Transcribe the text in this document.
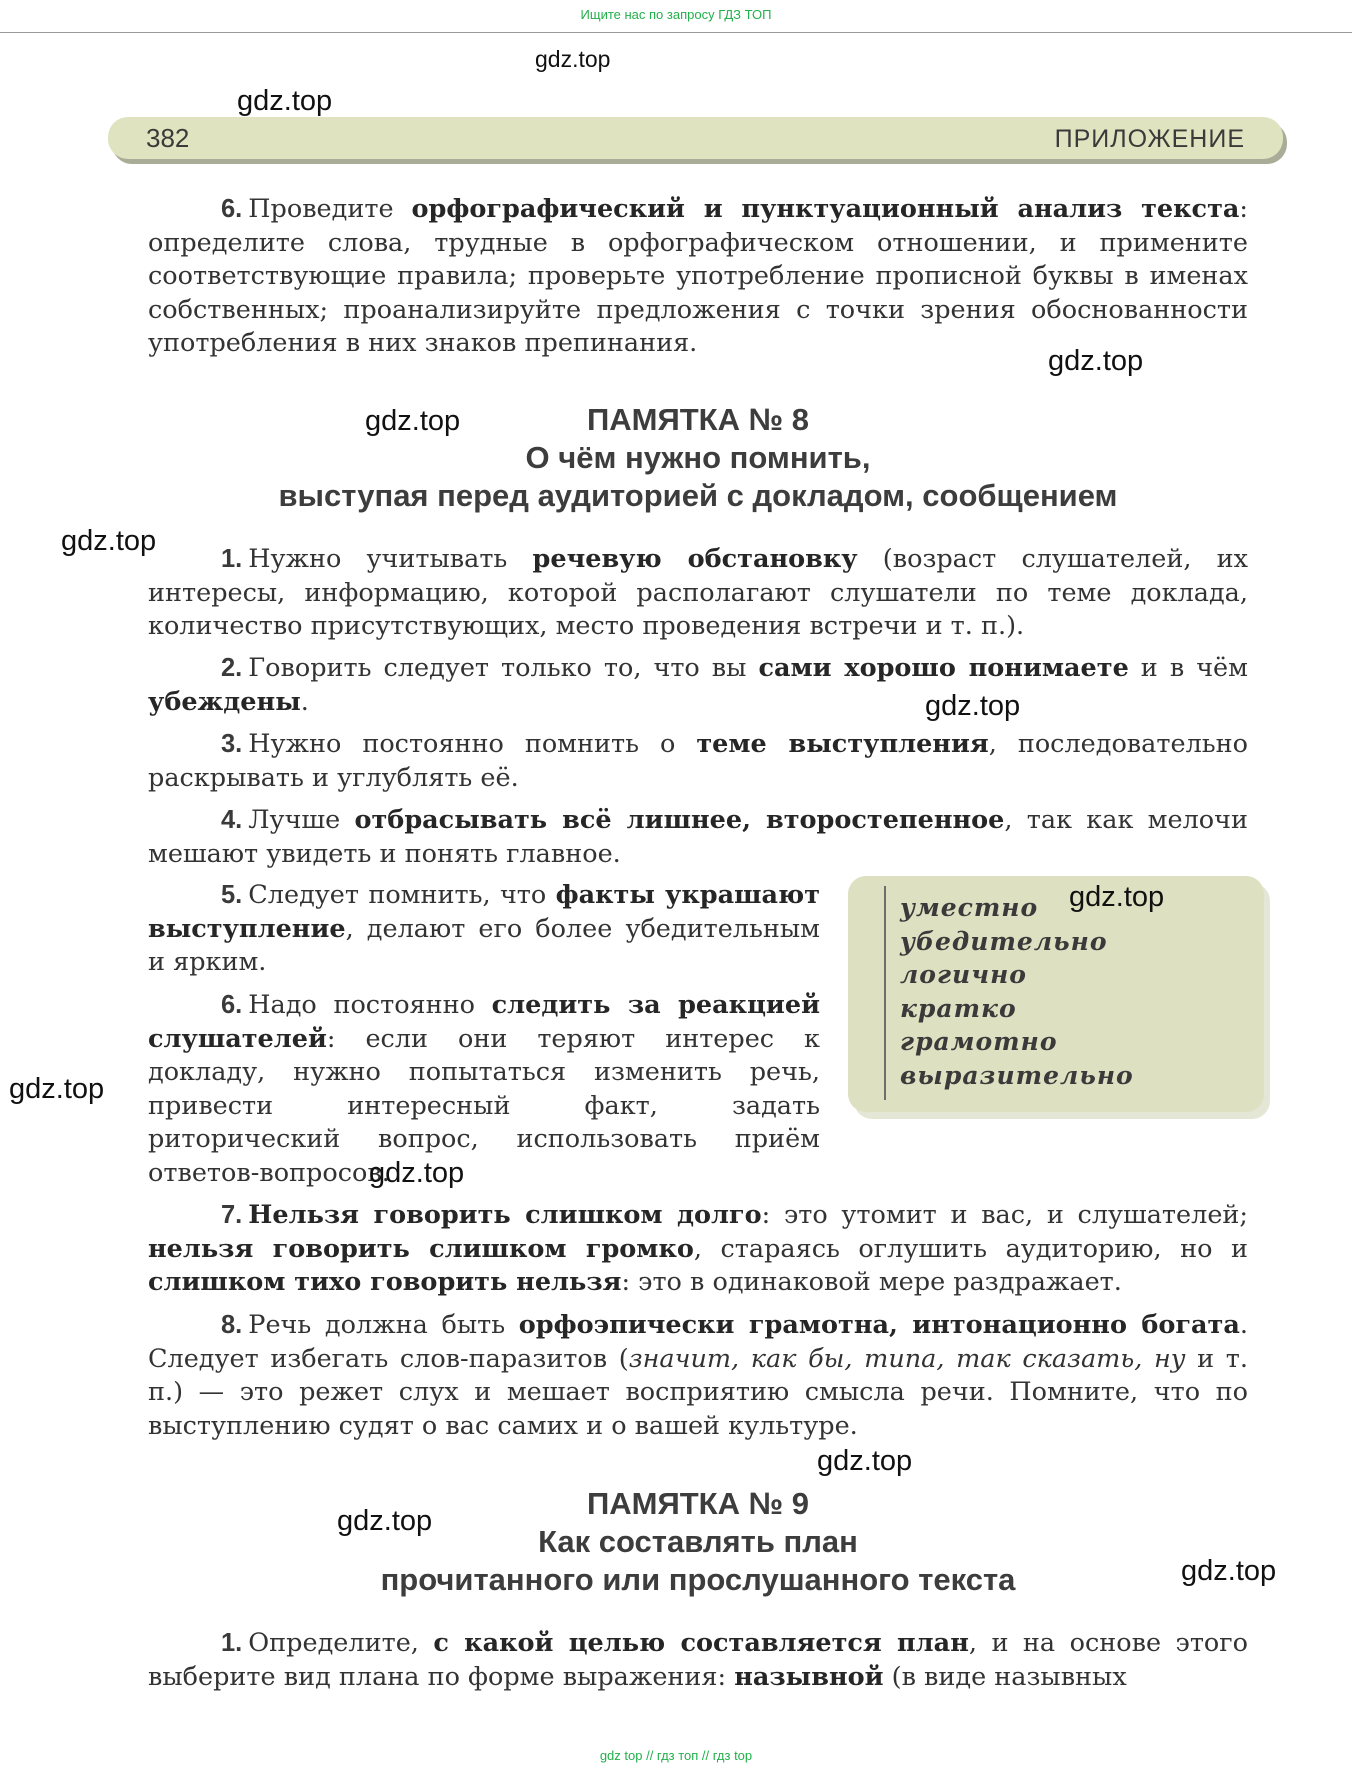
Ищите нас по запросу ГДЗ ТОП
gdz.top
gdz.top
gdz.top
gdz.top
gdz.top
gdz.top
gdz.top
gdz.top
gdz.top
gdz.top
gdz.top
gdz.top
382	ПРИЛОЖЕНИЕ

6. Проведите орфографический и пунктуационный анализ текста: определите слова, трудные в орфографическом отношении, и примените соответствующие правила; проверьте употребление прописной буквы в именах собственных; проанализируйте предложения с точки зрения обоснованности употребления в них знаков препинания.

ПАМЯТКА № 8
О чём нужно помнить,
выступая перед аудиторией с докладом, сообщением

1. Нужно учитывать речевую обстановку (возраст слушателей, их интересы, информацию, которой располагают слушатели по теме доклада, количество присутствующих, место проведения встречи и т. п.).

2. Говорить следует только то, что вы сами хорошо понимаете и в чём убеждены.

3. Нужно постоянно помнить о теме выступления, последовательно раскрывать и углублять её.

4. Лучше отбрасывать всё лишнее, второстепенное, так как мелочи мешают увидеть и понять главное.

5. Следует помнить, что факты украшают выступление, делают его более убедительным и ярким.

6. Надо постоянно следить за реакцией слушателей: если они теряют интерес к докладу, нужно попытаться изменить речь, привести интересный факт, задать риторический вопрос, использовать приём ответов-вопросов.

уместно
убедительно
логично
кратко
грамотно
выразительно

7. Нельзя говорить слишком долго: это утомит и вас, и слушателей; нельзя говорить слишком громко, стараясь оглушить аудиторию, но и слишком тихо говорить нельзя: это в одинаковой мере раздражает.

8. Речь должна быть орфоэпически грамотна, интонационно богата. Следует избегать слов-паразитов (значит, как бы, типа, так сказать, ну и т. п.) — это режет слух и мешает восприятию смысла речи. Помните, что по выступлению судят о вас самих и о вашей культуре.

ПАМЯТКА № 9
Как составлять план
прочитанного или прослушанного текста

1. Определите, с какой целью составляется план, и на основе этого выберите вид плана по форме выражения: назывной (в виде назывных

gdz top // гдз топ // гдз top
